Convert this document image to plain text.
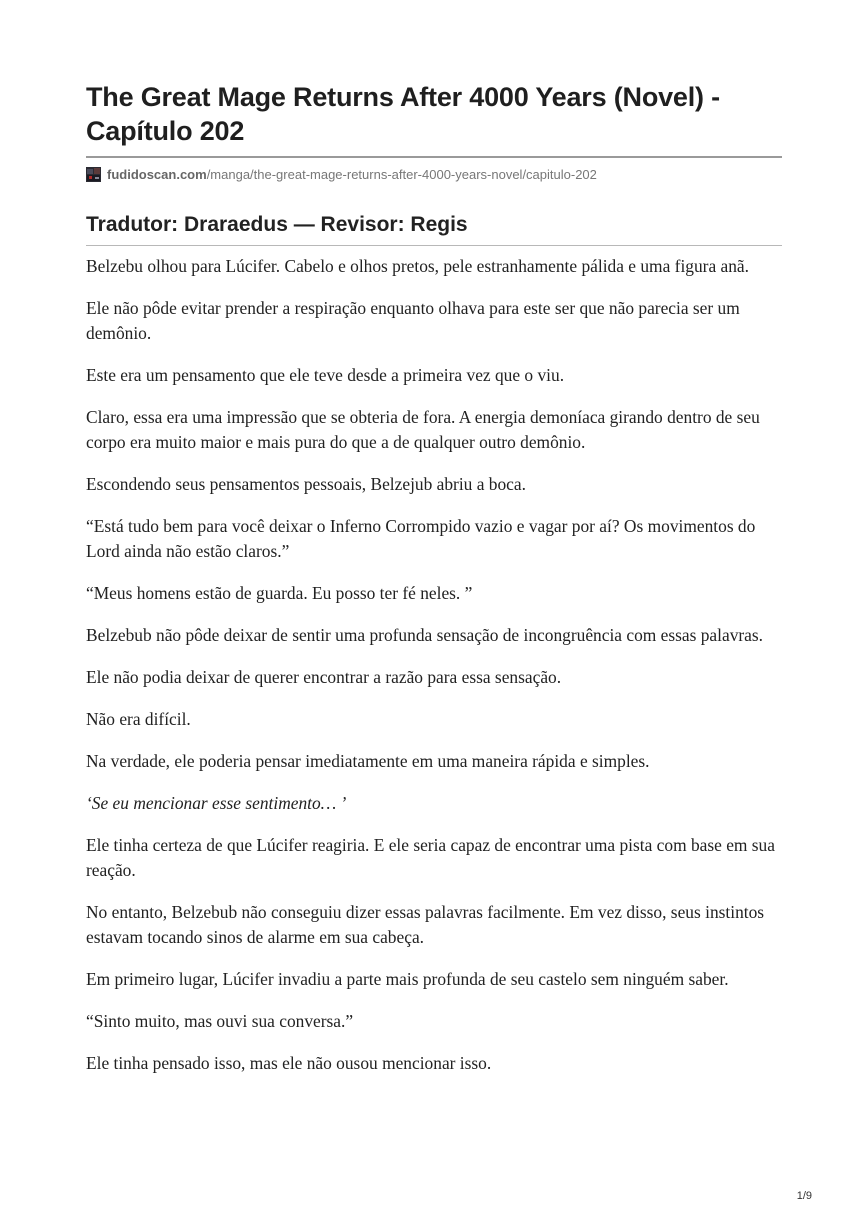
The Great Mage Returns After 4000 Years (Novel) - Capítulo 202
fudidoscan.com /manga/the-great-mage-returns-after-4000-years-novel/capitulo-202
Tradutor: Draraedus — Revisor: Regis

Belzebu olhou para Lúcifer. Cabelo e olhos pretos, pele estranhamente pálida e uma figura anã.

Ele não pôde evitar prender a respiração enquanto olhava para este ser que não parecia ser um demônio.

Este era um pensamento que ele teve desde a primeira vez que o viu.

Claro, essa era uma impressão que se obteria de fora. A energia demoníaca girando dentro de seu corpo era muito maior e mais pura do que a de qualquer outro demônio.

Escondendo seus pensamentos pessoais, Belzejub abriu a boca.

“Está tudo bem para você deixar o Inferno Corrompido vazio e vagar por aí? Os movimentos do Lord ainda não estão claros.”

“Meus homens estão de guarda. Eu posso ter fé neles. ”

Belzebub não pôde deixar de sentir uma profunda sensação de incongruência com essas palavras.

Ele não podia deixar de querer encontrar a razão para essa sensação.

Não era difícil.

Na verdade, ele poderia pensar imediatamente em uma maneira rápida e simples.

‘Se eu mencionar esse sentimento… ’

Ele tinha certeza de que Lúcifer reagiria. E ele seria capaz de encontrar uma pista com base em sua reação.

No entanto, Belzebub não conseguiu dizer essas palavras facilmente. Em vez disso, seus instintos estavam tocando sinos de alarme em sua cabeça.

Em primeiro lugar, Lúcifer invadiu a parte mais profunda de seu castelo sem ninguém saber.

“Sinto muito, mas ouvi sua conversa.”

Ele tinha pensado isso, mas ele não ousou mencionar isso.

1/9
